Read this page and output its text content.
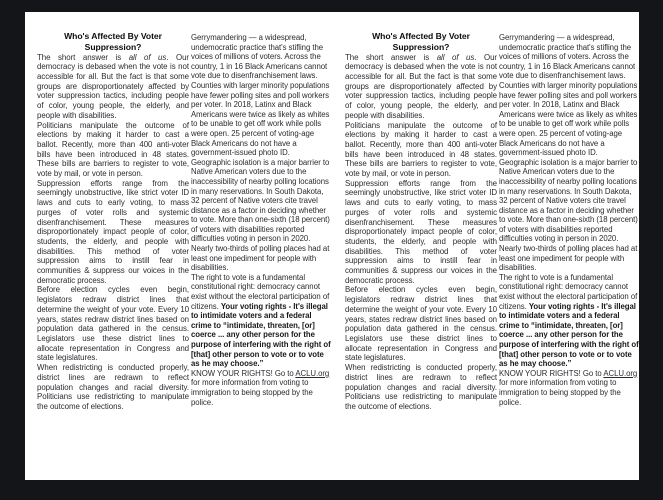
Who's Affected By Voter Suppression?

The short answer is all of us. Our democracy is debased when the vote is not accessible for all. But the fact is that some groups are disproportionately affected by voter suppression tactics, including people of color, young people, the elderly, and people with disabilities.

Politicians manipulate the outcome of elections by making it harder to cast a ballot. Recently, more than 400 anti-voter bills have been introduced in 48 states. These bills are barriers to register to vote, vote by mail, or vote in person.

Suppression efforts range from the seemingly unobstructive, like strict voter ID laws and cuts to early voting, to mass purges of voter rolls and systemic disenfranchisement. These measures disproportionately impact people of color, students, the elderly, and people with disabilities. This method of voter suppression aims to instill fear in communities & suppress our voices in the democratic process.

Before election cycles even begin, legislators redraw district lines that determine the weight of your vote. Every 10 years, states redraw district lines based on population data gathered in the census. Legislators use these district lines to allocate representation in Congress and state legislatures.

When redistricting is conducted properly, district lines are redrawn to reflect population changes and racial diversity. Politicians use redistricting to manipulate the outcome of elections.

Gerrymandering — a widespread, undemocratic practice that's stifling the voices of millions of voters. Across the country, 1 in 16 Black Americans cannot vote due to disenfranchisement laws. Counties with larger minority populations have fewer polling sites and poll workers per voter. In 2018, Latinx and Black Americans were twice as likely as whites to be unable to get off work while polls were open. 25 percent of voting-age Black Americans do not have a government-issued photo ID. Geographic isolation is a major barrier to Native American voters due to the inaccessibility of nearby polling locations in many reservations. In South Dakota, 32 percent of Native voters cite travel distance as a factor in deciding whether to vote. More than one-sixth (18 percent) of voters with disabilities reported difficulties voting in person in 2020.

Nearly two-thirds of polling places had at least one impediment for people with disabilities.

The right to vote is a fundamental constitutional right: democracy cannot exist without the electoral participation of citizens. Your voting rights - It's illegal to intimidate voters and a federal crime to “intimidate, threaten, [or] coerce ... any other person for the purpose of interfering with the right of [that] other person to vote or to vote as he may choose.”

KNOW YOUR RIGHTS! Go to ACLU.org for more information from voting to immigration to being stopped by the police.

Who's Affected By Voter Suppression?

The short answer is all of us. Our democracy is debased when the vote is not accessible for all. But the fact is that some groups are disproportionately affected by voter suppression tactics, including people of color, young people, the elderly, and people with disabilities.

Politicians manipulate the outcome of elections by making it harder to cast a ballot. Recently, more than 400 anti-voter bills have been introduced in 48 states. These bills are barriers to register to vote, vote by mail, or vote in person.

Suppression efforts range from the seemingly unobstructive, like strict voter ID laws and cuts to early voting, to mass purges of voter rolls and systemic disenfranchisement. These measures disproportionately impact people of color, students, the elderly, and people with disabilities. This method of voter suppression aims to instill fear in communities & suppress our voices in the democratic process.

Before election cycles even begin, legislators redraw district lines that determine the weight of your vote. Every 10 years, states redraw district lines based on population data gathered in the census. Legislators use these district lines to allocate representation in Congress and state legislatures.

When redistricting is conducted properly, district lines are redrawn to reflect population changes and racial diversity. Politicians use redistricting to manipulate the outcome of elections.

Gerrymandering — a widespread, undemocratic practice that's stifling the voices of millions of voters. Across the country, 1 in 16 Black Americans cannot vote due to disenfranchisement laws. Counties with larger minority populations have fewer polling sites and poll workers per voter. In 2018, Latinx and Black Americans were twice as likely as whites to be unable to get off work while polls were open. 25 percent of voting-age Black Americans do not have a government-issued photo ID. Geographic isolation is a major barrier to Native American voters due to the inaccessibility of nearby polling locations in many reservations. In South Dakota, 32 percent of Native voters cite travel distance as a factor in deciding whether to vote. More than one-sixth (18 percent) of voters with disabilities reported difficulties voting in person in 2020.

Nearly two-thirds of polling places had at least one impediment for people with disabilities.

The right to vote is a fundamental constitutional right: democracy cannot exist without the electoral participation of citizens. Your voting rights - It's illegal to intimidate voters and a federal crime to “intimidate, threaten, [or] coerce ... any other person for the purpose of interfering with the right of [that] other person to vote or to vote as he may choose.”

KNOW YOUR RIGHTS! Go to ACLU.org for more information from voting to immigration to being stopped by the police.
